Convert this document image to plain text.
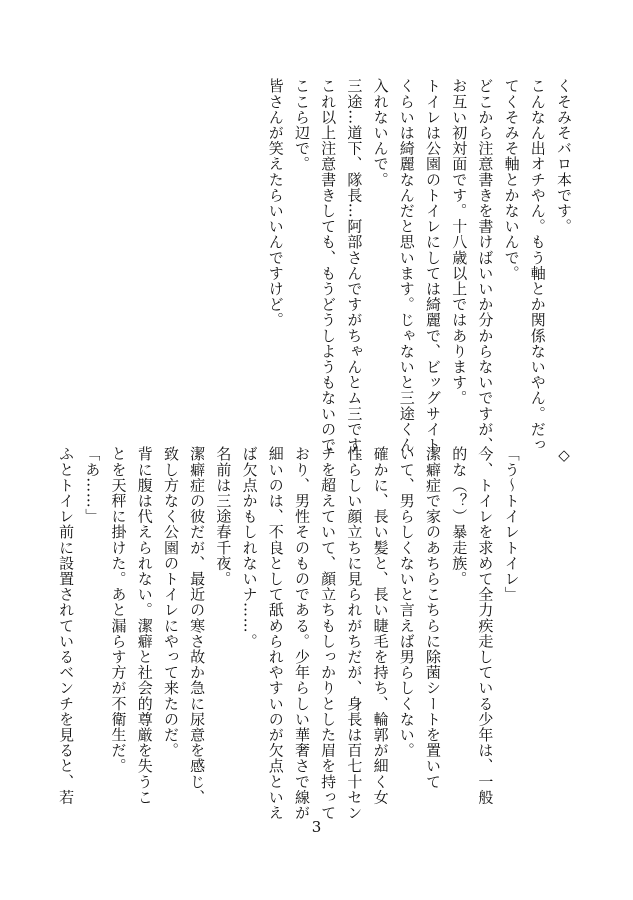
くそみそバロ本です。

こんなん出オチやん。もう軸とか関係ないやん。だっ

てくそみそ軸とかないんで。

どこから注意書きを書けばいいか分からないですが、

お互い初対面です。十八歳以上ではあります。

トイレは公園のトイレにしては綺麗で、ビッグサイト

くらいは綺麗なんだと思います。じゃないと三途くん

入れないんで。

三途…道下、隊長…阿部さんですがちゃんとム三です。

これ以上注意書きしても、もうどうしようもないので

ここら辺で。

皆さんが笑えたらいいんですけど。

◇

「う〜トイレトイレ」

今、トイレを求めて全力疾走している少年は、一般

的な（？）暴走族。

潔癖症で家のあちらこちらに除菌シートを置いて

いて、男らしくないと言えば男らしくない。

確かに、長い髪と、長い睫毛を持ち、輪郭が細く女

性らしい顔立ちに見られがちだが、身長は百七十セン

チを超えていて、顔立ちもしっかりとした眉を持って

おり、男性そのものである。少年らしい華奢さで線が

細いのは、不良として舐められやすいのが欠点といえ

ば欠点かもしれないナ……。

名前は三途春千夜。

潔癖症の彼だが、最近の寒さ故か急に尿意を感じ、

致し方なく公園のトイレにやって来たのだ。

背に腹は代えられない。潔癖と社会的尊厳を失うこ

とを天秤に掛けた。あと漏らす方が不衛生だ。

「あ……」

ふとトイレ前に設置されているベンチを見ると、若

3
